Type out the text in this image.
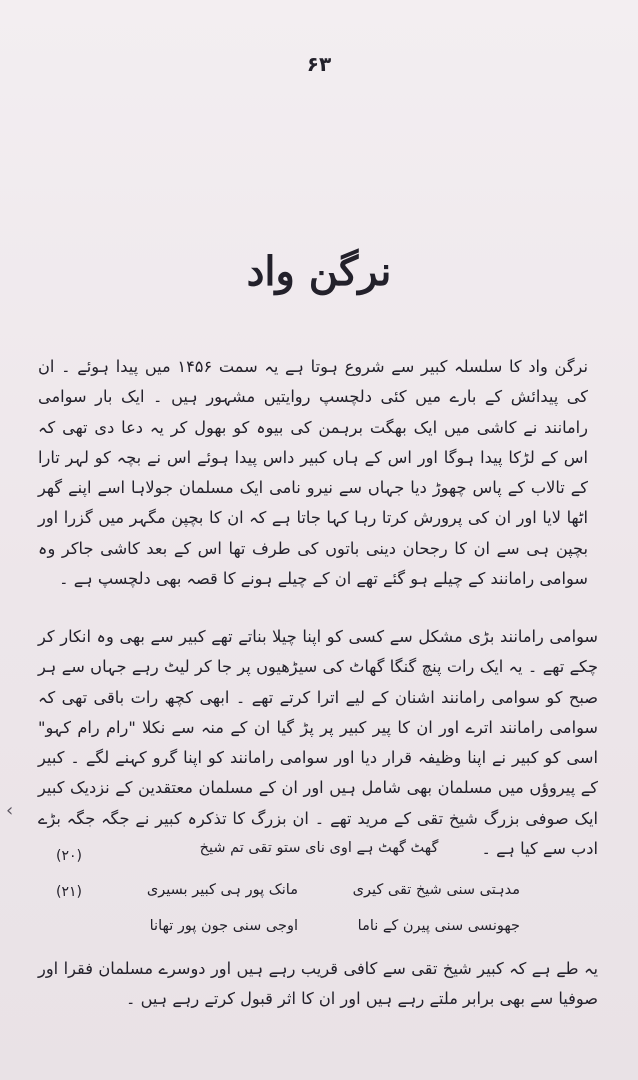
۶۳
نرگن واد
نرگن واد کا سلسلہ کبیر سے شروع ہوتا ہے یہ سمت ۱۴۵۶ میں پیدا ہوئے ۔ ان کی پیدائش کے بارے میں کئی دلچسپ روایتیں مشہور ہیں ۔ ایک بار سوامی رامانند نے کاشی میں ایک بھگت برہمن کی بیوہ کو بھول کر یہ دعا دی تھی کہ اس کے لڑکا پیدا ہوگا اور اس کے ہاں کبیر داس پیدا ہوئے اس نے بچہ کو لہر تارا کے تالاب کے پاس چھوڑ دیا جہاں سے نیرو نامی ایک مسلمان جولاہا اسے اپنے گھر اٹھا لایا اور ان کی پرورش کرتا رہا کہا جاتا ہے کہ ان کا بچپن مگہر میں گزرا اور بچپن ہی سے ان کا رجحان دینی باتوں کی طرف تھا اس کے بعد کاشی جاکر وہ سوامی رامانند کے چیلے ہو گئے تھے ان کے چیلے ہونے کا قصہ بھی دلچسپ ہے ۔
سوامی رامانند بڑی مشکل سے کسی کو اپنا چیلا بناتے تھے کبیر سے بھی وہ انکار کر چکے تھے ۔ یہ ایک رات پنچ گنگا گھاٹ کی سیڑھیوں پر جا کر لیٹ رہے جہاں سے ہر صبح کو سوامی رامانند اشنان کے لیے اترا کرتے تھے ۔ ابھی کچھ رات باقی تھی کہ سوامی رامانند اترے اور ان کا پیر کبیر پر پڑ گیا ان کے منہ سے نکلا "رام رام کہو" اسی کو کبیر نے اپنا وظیفہ قرار دیا اور سوامی رامانند کو اپنا گرو کہنے لگے ۔ کبیر کے پیروؤں میں مسلمان بھی شامل ہیں اور ان کے مسلمان معتقدین کے نزدیک کبیر ایک صوفی بزرگ شیخ تقی کے مرید تھے ۔ ان بزرگ کا تذکرہ کبیر نے جگہ جگہ بڑے ادب سے کیا ہے ۔
گھٹ گھٹ ہے اوی نای ستو تقی تم شیخ
(۲۰)
مانک پور ہی کبیر بسیری	مدہتی سنی شیخ تقی کیری
(۲۱)
اوجی سنی جون پور تھانا	جھونسی سنی پیرن کے ناما
یہ طے ہے کہ کبیر شیخ تقی سے کافی قریب رہے ہیں اور دوسرے مسلمان فقرا اور صوفیا سے بھی برابر ملتے رہے ہیں اور ان کا اثر قبول کرتے رہے ہیں ۔
‹
